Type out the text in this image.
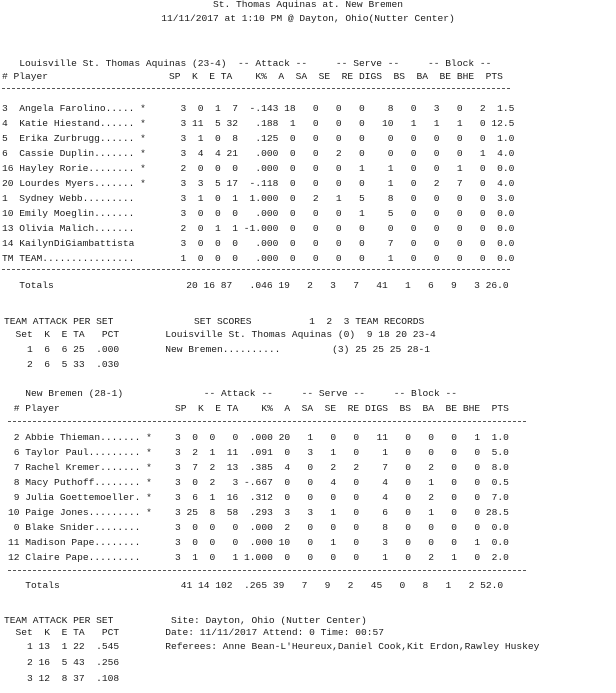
St. Thomas Aquinas at. New Bremen
11/11/2017 at 1:10 PM @ Dayton, Ohio(Nutter Center)
Louisville St. Thomas Aquinas (23-4)  -- Attack --     -- Serve --     -- Block --
# Player                     SP  K  E TA    K%  A  SA  SE  RE DIGS  BS  BA  BE BHE  PTS
3  Angela Farolino..... *      3  0  1  7  -.143 18   0   0   0    8   0   3   0   2  1.5
4  Katie Hiestand...... *      3 11  5 32   .188  1   0   0   0   10   1   1   1   0 12.5
5  Erika Zurbrugg...... *      3  1  0  8   .125  0   0   0   0    0   0   0   0   0  1.0
6  Cassie Duplin....... *      3  4  4 21   .000  0   0   2   0    0   0   0   0   1  4.0
16 Hayley Rorie........ *      2  0  0  0   .000  0   0   0   1    1   0   0   1   0  0.0
20 Lourdes Myers....... *      3  3  5 17  -.118  0   0   0   0    1   0   2   7   0  4.0
1  Sydney Webb.........        3  1  0  1  1.000  0   2   1   5    8   0   0   0   0  3.0
10 Emily Moeglin.......        3  0  0  0   .000  0   0   0   1    5   0   0   0   0  0.0
13 Olivia Malich.......        2  0  1  1 -1.000  0   0   0   0    0   0   0   0   0  0.0
14 KailynDiGiambattista        3  0  0  0   .000  0   0   0   0    7   0   0   0   0  0.0
TM TEAM................        1  0  0  0   .000  0   0   0   0    1   0   0   0   0  0.0
Totals                       20 16 87   .046 19   2   3   7   41   1   6   9   3 26.0
TEAM ATTACK PER SET              SET SCORES          1  2  3 TEAM RECORDS
Set  K  E TA   PCT        Louisville St. Thomas Aquinas (0)  9 18 20 23-4
1  6  6 25  .000        New Bremen..........         (3) 25 25 25 28-1
2  6  5 33  .030
New Bremen (28-1)              -- Attack --     -- Serve --     -- Block --
# Player                    SP  K  E TA    K%  A  SA  SE  RE DIGS  BS  BA  BE BHE  PTS
2 Abbie Thieman....... *    3  0  0   0  .000 20   1   0   0   11   0   0   0   1  1.0
6 Taylor Paul......... *    3  2  1  11  .091  0   3   1   0    1   0   0   0   0  5.0
7 Rachel Kremer....... *    3  7  2  13  .385  4   0   2   2    7   0   2   0   0  8.0
8 Macy Puthoff........ *    3  0  2   3 -.667  0   0   4   0    4   0   1   0   0  0.5
9 Julia Goettemoeller. *    3  6  1  16  .312  0   0   0   0    4   0   2   0   0  7.0
10 Paige Jones......... *    3 25  8  58  .293  3   3   1   0    6   0   1   0   0 28.5
0 Blake Snider........      3  0  0   0  .000  2   0   0   0    8   0   0   0   0  0.0
11 Madison Pape........      3  0  0   0  .000 10   0   1   0    3   0   0   0   1  0.0
12 Claire Pape.........      3  1  0   1 1.000  0   0   0   0    1   0   2   1   0  2.0
Totals                     41 14 102  .265 39   7   9   2   45   0   8   1   2 52.0
TEAM ATTACK PER SET          Site: Dayton, Ohio (Nutter Center)
Set  K  E TA   PCT        Date: 11/11/2017 Attend: 0 Time: 00:57
1 13  1 22  .545        Referees: Anne Bean-L'Heureux,Daniel Cook,Kit Erdon,Rawley Huskey
2 16  5 43  .256
3 12  8 37  .108
